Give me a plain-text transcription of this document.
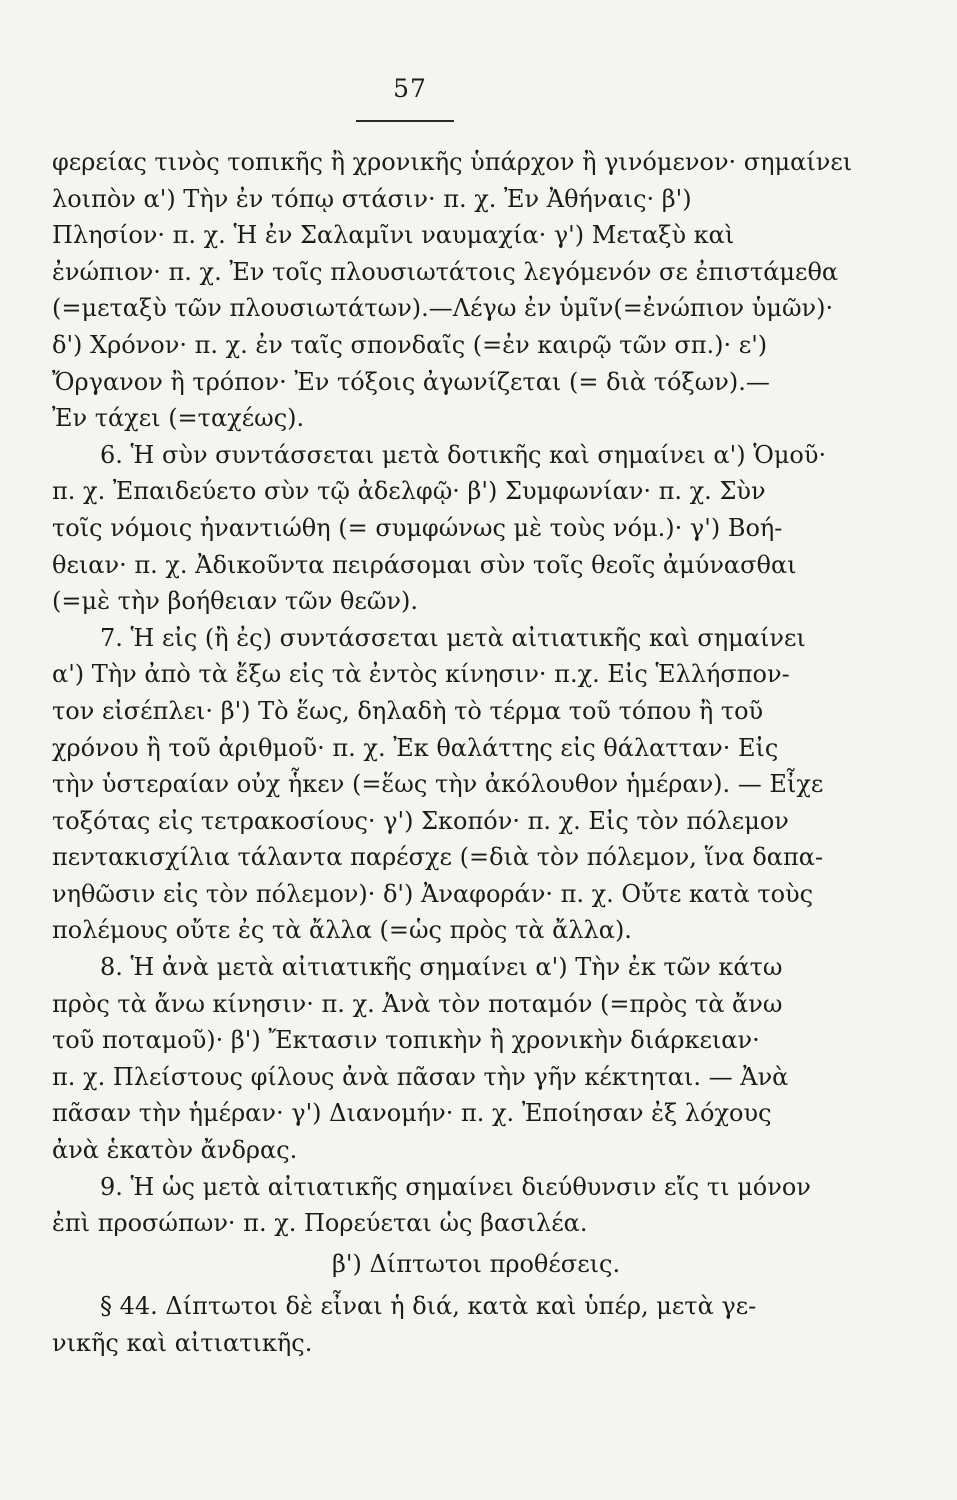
57
φερείας τινὸς τοπικῆς ἢ χρονικῆς ὑπάρχον ἢ γινόμενον· σημαίνει
λοιπὸν α') Τὴν ἐν τόπῳ στάσιν· π. χ. Ἐν Ἀθήναις· β')
Πλησίον· π. χ. Ἡ ἐν Σαλαμῖνι ναυμαχία· γ') Μεταξὺ καὶ
ἐνώπιον· π. χ. Ἐν τοῖς πλουσιωτάτοις λεγόμενόν σε ἐπιστάμεθα
(=μεταξὺ τῶν πλουσιωτάτων).—Λέγω ἐν ὑμῖν(=ἐνώπιον ὑμῶν)·
δ') Χρόνον· π. χ. ἐν ταῖς σπονδαῖς (=ἐν καιρῷ τῶν σπ.)· ε')
Ὄργανον ἢ τρόπον· Ἐν τόξοις ἀγωνίζεται (= διὰ τόξων).—
Ἐν τάχει (=ταχέως).
6. Ἡ σὺν συντάσσεται μετὰ δοτικῆς καὶ σημαίνει α') Ὁμοῦ·
π. χ. Ἐπαιδεύετο σὺν τῷ ἀδελφῷ· β') Συμφωνίαν· π. χ. Σὺν
τοῖς νόμοις ἠναντιώθη (= συμφώνως μὲ τοὺς νόμ.)· γ') Βοή-
θειαν· π. χ. Ἀδικοῦντα πειράσομαι σὺν τοῖς θεοῖς ἀμύνασθαι
(=μὲ τὴν βοήθειαν τῶν θεῶν).
7. Ἡ εἰς (ἢ ἐς) συντάσσεται μετὰ αἰτιατικῆς καὶ σημαίνει
α') Τὴν ἀπὸ τὰ ἔξω εἰς τὰ ἐντὸς κίνησιν· π.χ. Εἰς Ἑλλήσπον-
τον εἰσέπλει· β') Τὸ ἕως, δηλαδὴ τὸ τέρμα τοῦ τόπου ἢ τοῦ
χρόνου ἢ τοῦ ἀριθμοῦ· π. χ. Ἐκ θαλάττης εἰς θάλατταν· Εἰς
τὴν ὑστεραίαν οὐχ ἧκεν (=ἕως τὴν ἀκόλουθον ἡμέραν). — Εἶχε
τοξότας εἰς τετρακοσίους· γ') Σκοπόν· π. χ. Εἰς τὸν πόλεμον
πεντακισχίλια τάλαντα παρέσχε (=διὰ τὸν πόλεμον, ἵνα δαπα-
νηθῶσιν εἰς τὸν πόλεμον)· δ') Ἀναφοράν· π. χ. Οὔτε κατὰ τοὺς
πολέμους οὔτε ἐς τὰ ἄλλα (=ὡς πρὸς τὰ ἄλλα).
8. Ἡ ἀνὰ μετὰ αἰτιατικῆς σημαίνει α') Τὴν ἐκ τῶν κάτω
πρὸς τὰ ἄνω κίνησιν· π. χ. Ἀνὰ τὸν ποταμόν (=πρὸς τὰ ἄνω
τοῦ ποταμοῦ)· β') Ἔκτασιν τοπικὴν ἢ χρονικὴν διάρκειαν·
π. χ. Πλείστους φίλους ἀνὰ πᾶσαν τὴν γῆν κέκτηται. — Ἀνὰ
πᾶσαν τὴν ἡμέραν· γ') Διανομήν· π. χ. Ἐποίησαν ἐξ λόχους
ἀνὰ ἑκατὸν ἄνδρας.
9. Ἡ ὡς μετὰ αἰτιατικῆς σημαίνει διεύθυνσιν εἴς τι μόνον
ἐπὶ προσώπων· π. χ. Πορεύεται ὡς βασιλέα.
β') Δίπτωτοι προθέσεις.
§ 44. Δίπτωτοι δὲ εἶναι ἡ διά, κατὰ καὶ ὑπέρ, μετὰ γε-
νικῆς καὶ αἰτιατικῆς.
